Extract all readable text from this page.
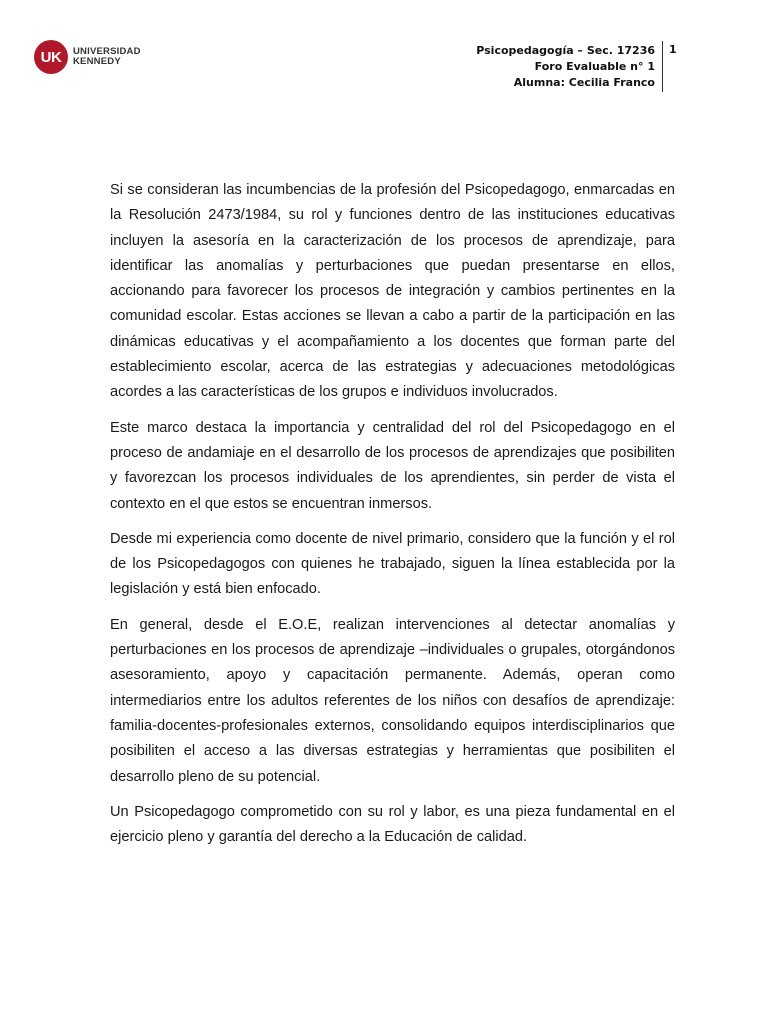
UK	UNIVERSIDAD
KENNEDY
Psicopedagogía – Sec. 17236
Foro Evaluable n° 1
Alumna: Cecilia Franco
1

Si se consideran las incumbencias de la profesión del Psicopedagogo, enmarcadas en la Resolución 2473/1984, su rol y funciones dentro de las instituciones educativas incluyen la asesoría en la caracterización de los procesos de aprendizaje, para identificar las anomalías y perturbaciones que puedan presentarse en ellos, accionando para favorecer los procesos de integración y cambios pertinentes en la comunidad escolar. Estas acciones se llevan a cabo a partir de la participación en las dinámicas educativas y el acompañamiento a los docentes que forman parte del establecimiento escolar, acerca de las estrategias y adecuaciones metodológicas acordes a las características de los grupos e individuos involucrados.

Este marco destaca la importancia y centralidad del rol del Psicopedagogo en el proceso de andamiaje en el desarrollo de los procesos de aprendizajes que posibiliten y favorezcan los procesos individuales de los aprendientes, sin perder de vista el contexto en el que estos se encuentran inmersos.

Desde mi experiencia como docente de nivel primario, considero que la función y el rol de los Psicopedagogos con quienes he trabajado, siguen la línea establecida por la legislación y está bien enfocado.

En general, desde el E.O.E, realizan intervenciones al detectar anomalías y perturbaciones en los procesos de aprendizaje –individuales o grupales, otorgándonos asesoramiento, apoyo y capacitación permanente. Además, operan como intermediarios entre los adultos referentes de los niños con desafíos de aprendizaje: familia-docentes-profesionales externos, consolidando equipos interdisciplinarios que posibiliten el acceso a las diversas estrategias y herramientas que posibiliten el desarrollo pleno de su potencial.

Un Psicopedagogo comprometido con su rol y labor, es una pieza fundamental en el ejercicio pleno y garantía del derecho a la Educación de calidad.
